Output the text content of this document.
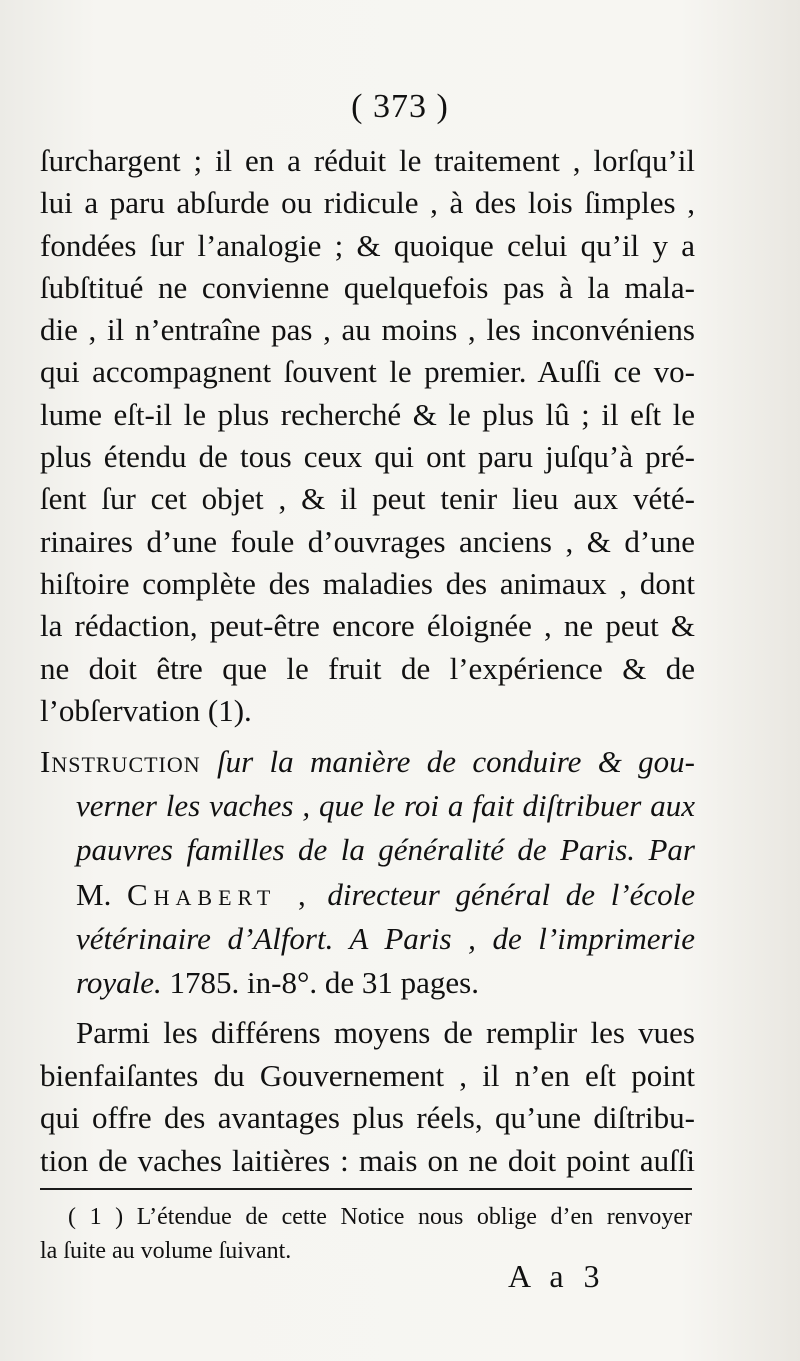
( 373 )
ſurchargent ; il en a réduit le traitement , lorſqu’il
lui a paru abſurde ou ridicule , à des lois ſimples ,
fondées ſur l’analogie ; & quoique celui qu’il y a
ſubſtitué ne convienne quelquefois pas à la mala-
die , il n’entraîne pas , au moins , les inconvéniens
qui accompagnent ſouvent le premier. Auſſi ce vo-
lume eſt-il le plus recherché & le plus lû ; il eſt le
plus étendu de tous ceux qui ont paru juſqu’à pré-
ſent ſur cet objet , & il peut tenir lieu aux vété-
rinaires d’une foule d’ouvrages anciens , & d’une
hiſtoire complète des maladies des animaux , dont
la rédaction, peut-être encore éloignée , ne peut &
ne doit être que le fruit de l’expérience & de
l’obſervation (1).
Instruction ſur la manière de conduire & gou-
verner les vaches , que le roi a fait diſtribuer aux
pauvres familles de la généralité de Paris. Par
M. Chabert , directeur général de l’école
vétérinaire d’Alfort. A Paris , de l’imprimerie
royale. 1785. in-8°. de 31 pages.
Parmi les différens moyens de remplir les vues
bienfaiſantes du Gouvernement , il n’en eſt point
qui offre des avantages plus réels, qu’une diſtribu-
tion de vaches laitières : mais on ne doit point auſſi
( 1 ) L’étendue de cette Notice nous oblige d’en renvoyer
la ſuite au volume ſuivant.
A a 3
